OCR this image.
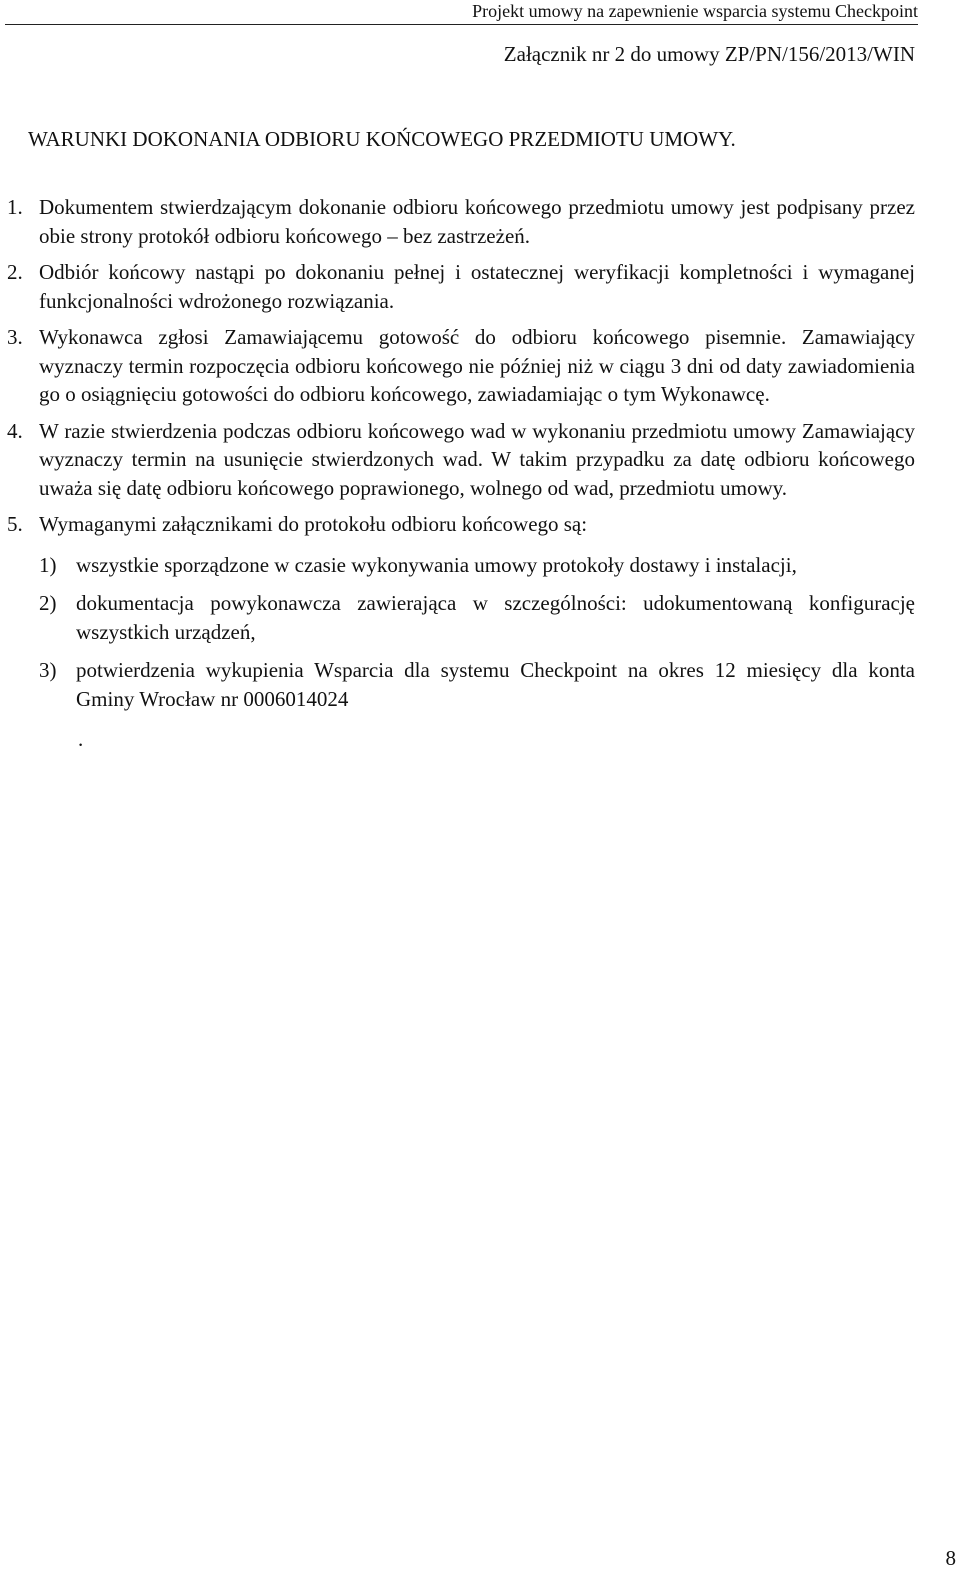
Projekt umowy na zapewnienie wsparcia systemu Checkpoint
Załącznik nr 2 do umowy ZP/PN/156/2013/WIN
WARUNKI DOKONANIA ODBIORU KOŃCOWEGO PRZEDMIOTU UMOWY.
1. Dokumentem stwierdzającym dokonanie odbioru końcowego przedmiotu umowy jest podpisany przez obie strony protokół odbioru końcowego – bez zastrzeżeń.
2. Odbiór końcowy nastąpi po dokonaniu pełnej i ostatecznej weryfikacji kompletności i wymaganej funkcjonalności wdrożonego rozwiązania.
3. Wykonawca zgłosi Zamawiającemu gotowość do odbioru końcowego pisemnie. Zamawiający wyznaczy termin rozpoczęcia odbioru końcowego nie później niż w ciągu 3 dni od daty zawiadomienia go o osiągnięciu gotowości do odbioru końcowego, zawiadamiając o tym Wykonawcę.
4. W razie stwierdzenia podczas odbioru końcowego wad w wykonaniu przedmiotu umowy Zamawiający wyznaczy termin na usunięcie stwierdzonych wad. W takim przypadku za datę odbioru końcowego uważa się datę odbioru końcowego poprawionego, wolnego od wad, przedmiotu umowy.
5. Wymaganymi załącznikami do protokołu odbioru końcowego są:
1) wszystkie sporządzone w czasie wykonywania umowy protokoły dostawy i instalacji,
2) dokumentacja powykonawcza zawierająca w szczególności: udokumentowaną konfigurację wszystkich urządzeń,
3) potwierdzenia wykupienia Wsparcia dla systemu Checkpoint na okres 12 miesięcy dla konta Gminy Wrocław nr 0006014024
.
8
